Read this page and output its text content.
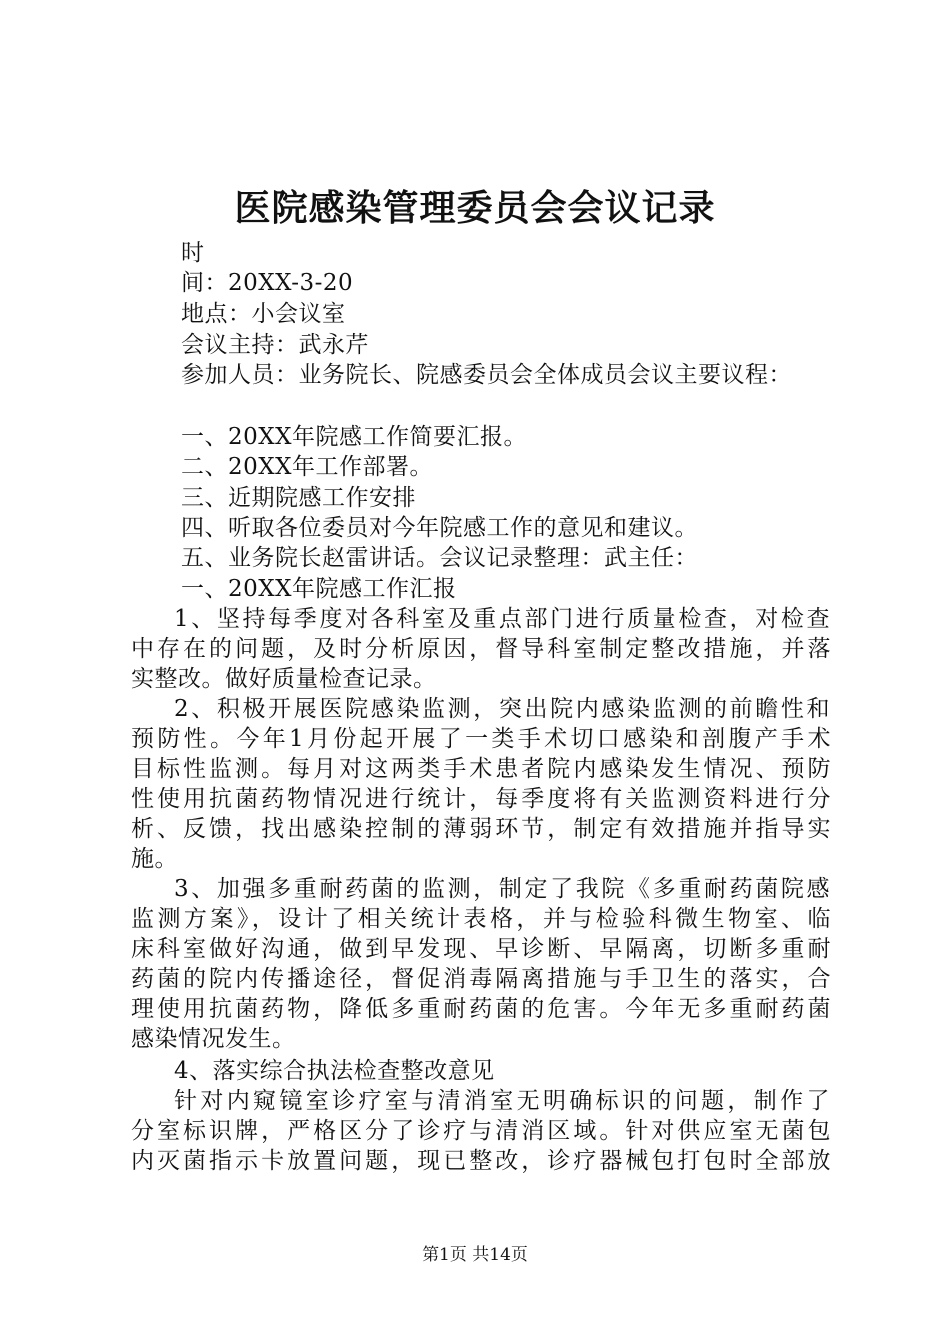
医院感染管理委员会会议记录
时
间：20XX-3-20
地点：小会议室
会议主持：武永芹
参加人员：业务院长、院感委员会全体成员会议主要议程：
一、20XX年院感工作简要汇报。
二、20XX年工作部署。
三、近期院感工作安排
四、听取各位委员对今年院感工作的意见和建议。
五、业务院长赵雷讲话。会议记录整理：武主任：
一、20XX年院感工作汇报
1、坚持每季度对各科室及重点部门进行质量检查，对检查
中存在的问题，及时分析原因，督导科室制定整改措施，并落
实整改。做好质量检查记录。
2、积极开展医院感染监测，突出院内感染监测的前瞻性和
预防性。今年1月份起开展了一类手术切口感染和剖腹产手术
目标性监测。每月对这两类手术患者院内感染发生情况、预防
性使用抗菌药物情况进行统计，每季度将有关监测资料进行分
析、反馈，找出感染控制的薄弱环节，制定有效措施并指导实
施。
3、加强多重耐药菌的监测，制定了我院《多重耐药菌院感
监测方案》，设计了相关统计表格，并与检验科微生物室、临
床科室做好沟通，做到早发现、早诊断、早隔离，切断多重耐
药菌的院内传播途径，督促消毒隔离措施与手卫生的落实，合
理使用抗菌药物，降低多重耐药菌的危害。今年无多重耐药菌
感染情况发生。
4、落实综合执法检查整改意见
针对内窥镜室诊疗室与清消室无明确标识的问题，制作了
分室标识牌，严格区分了诊疗与清消区域。针对供应室无菌包
内灭菌指示卡放置问题，现已整改，诊疗器械包打包时全部放
第1页 共14页
